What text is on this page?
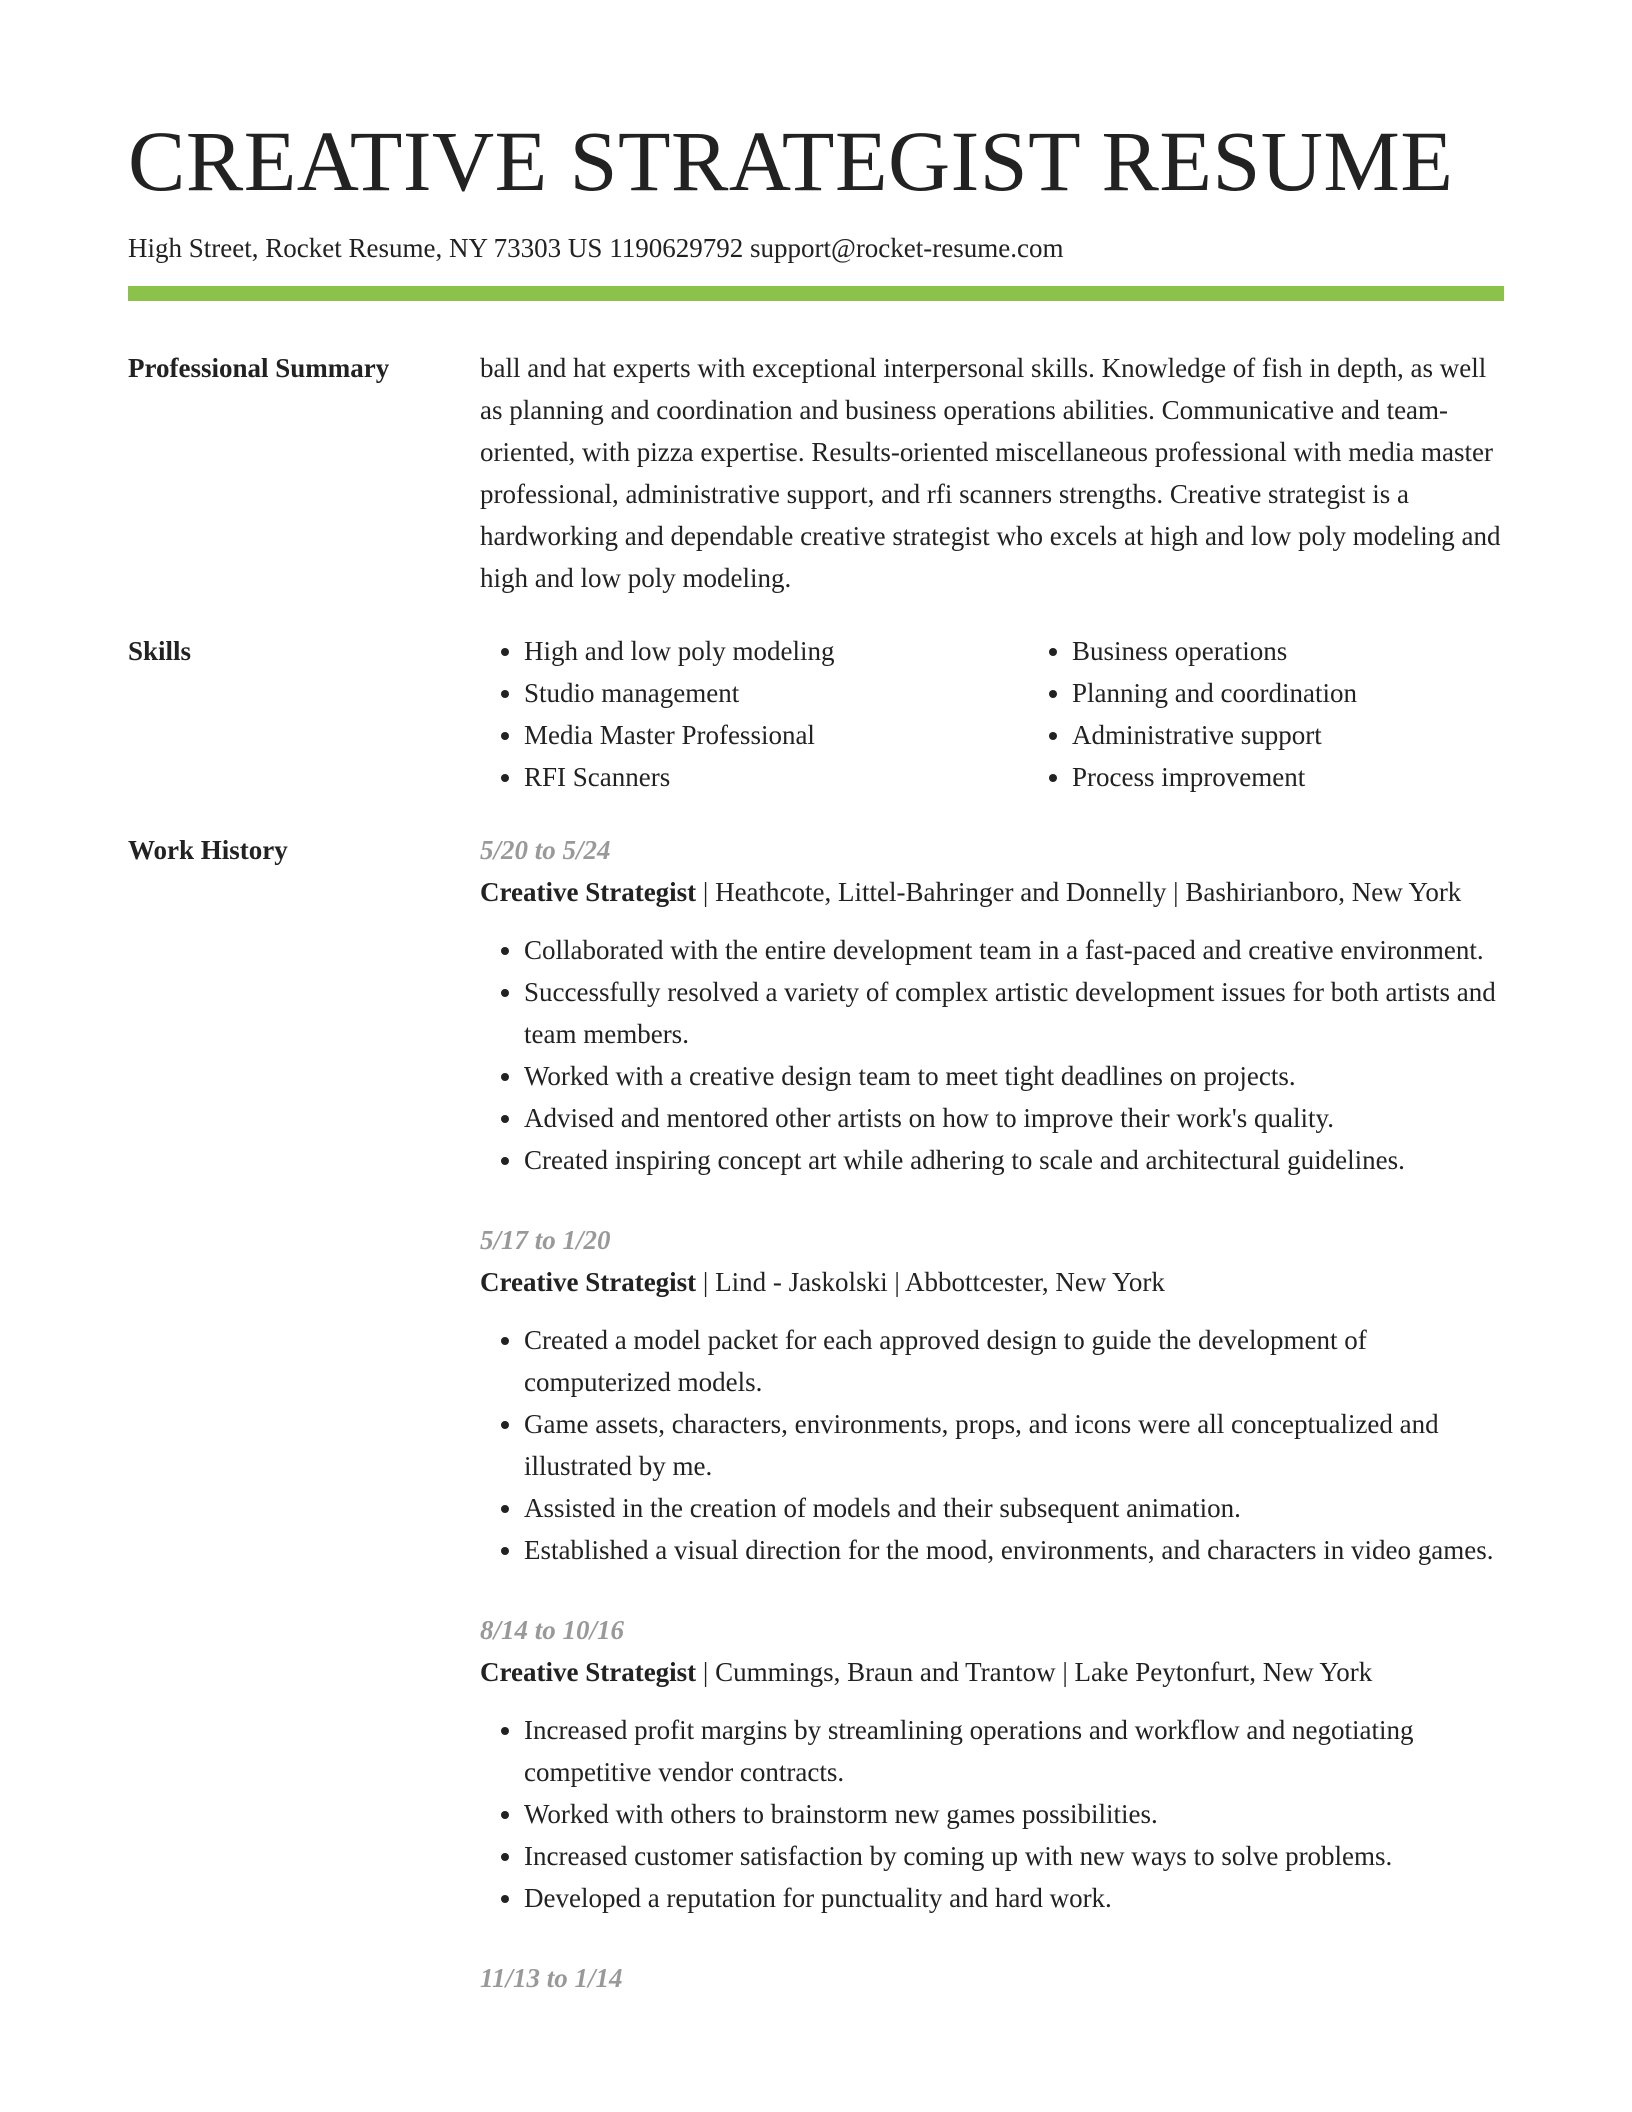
CREATIVE STRATEGIST RESUME
High Street, Rocket Resume, NY 73303 US 1190629792 support@rocket-resume.com
Professional Summary	ball and hat experts with exceptional interpersonal skills. Knowledge of fish in depth, as well as planning and coordination and business operations abilities. Communicative and team-oriented, with pizza expertise. Results-oriented miscellaneous professional with media master professional, administrative support, and rfi scanners strengths. Creative strategist is a hardworking and dependable creative strategist who excels at high and low poly modeling and high and low poly modeling.

Skills
•	High and low poly modeling
• Studio management
• Media Master Professional
• RFI Scanners
• Business operations
• Planning and coordination
• Administrative support
• Process improvement
Work History	5/20 to 5/24
Creative Strategist | Heathcote, Littel-Bahringer and Donnelly | Bashirianboro, New York
• Collaborated with the entire development team in a fast-paced and creative environment.
• Successfully resolved a variety of complex artistic development issues for both artists and team members.
• Worked with a creative design team to meet tight deadlines on projects.
• Advised and mentored other artists on how to improve their work's quality.
• Created inspiring concept art while adhering to scale and architectural guidelines.
5/17 to 1/20
Creative Strategist | Lind - Jaskolski | Abbottcester, New York
• Created a model packet for each approved design to guide the development of computerized models.
• Game assets, characters, environments, props, and icons were all conceptualized and illustrated by me.
• Assisted in the creation of models and their subsequent animation.
• Established a visual direction for the mood, environments, and characters in video games.
8/14 to 10/16
Creative Strategist | Cummings, Braun and Trantow | Lake Peytonfurt, New York
• Increased profit margins by streamlining operations and workflow and negotiating competitive vendor contracts.
• Worked with others to brainstorm new games possibilities.
• Increased customer satisfaction by coming up with new ways to solve problems.
• Developed a reputation for punctuality and hard work.
11/13 to 1/14
